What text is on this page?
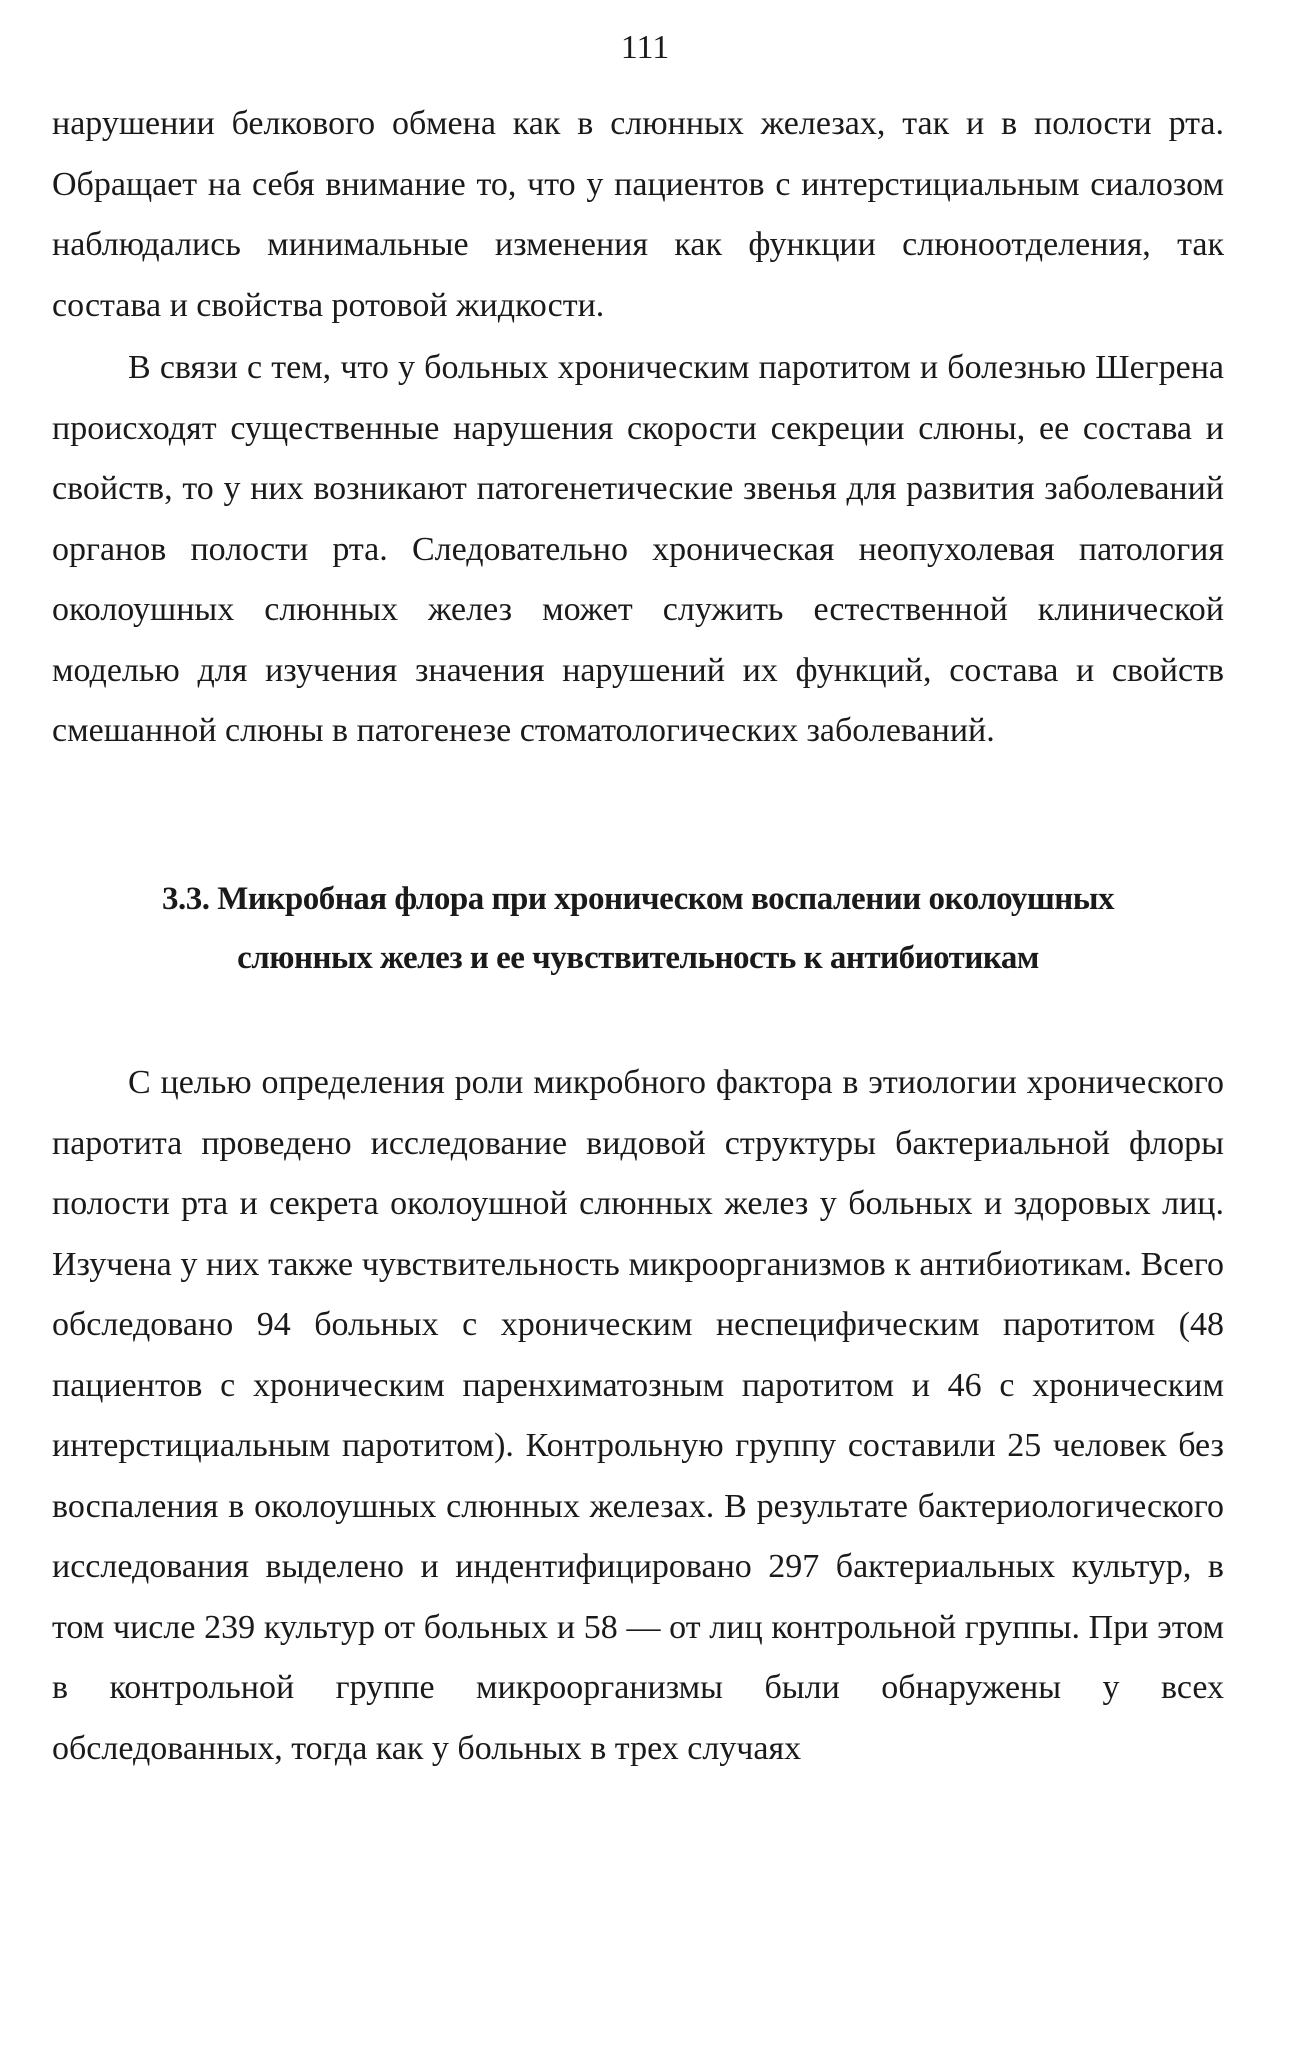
111

нарушении белкового обмена как в слюнных железах, так и в полости рта. Обращает на себя внимание то, что у пациентов с интерстициальным сиалозом наблюдались минимальные изменения как функции слюноотделения, так состава и свойства ротовой жидкости.

В связи с тем, что у больных хроническим паротитом и болезнью Шегрена происходят существенные нарушения скорости секреции слюны, ее состава и свойств, то у них возникают патогенетические звенья для развития заболеваний органов полости рта. Следовательно хроническая неопухолевая патология околоушных слюнных желез может служить естественной клинической моделью для изучения значения нарушений их функций, состава и свойств смешанной слюны в патогенезе стоматологических заболеваний.

3.3. Микробная флора при хроническом воспалении околоушных
слюнных желез и ее чувствительность к антибиотикам

С целью определения роли микробного фактора в этиологии хронического паротита проведено исследование видовой структуры бактериальной флоры полости рта и секрета околоушной слюнных желез у больных и здоровых лиц. Изучена у них также чувствительность микроорганизмов к антибиотикам. Всего обследовано 94 больных с хроническим неспецифическим паротитом (48 пациентов с хроническим паренхиматозным паротитом и 46 с хроническим интерстициальным паротитом). Контрольную группу составили 25 человек без воспаления в околоушных слюнных железах. В результате бактериологического исследования выделено и индентифицировано 297 бактериальных культур, в том числе 239 культур от больных и 58 — от лиц контрольной группы. При этом в контрольной группе микроорганизмы были обнаружены у всех обследованных, тогда как у больных в трех случаях
